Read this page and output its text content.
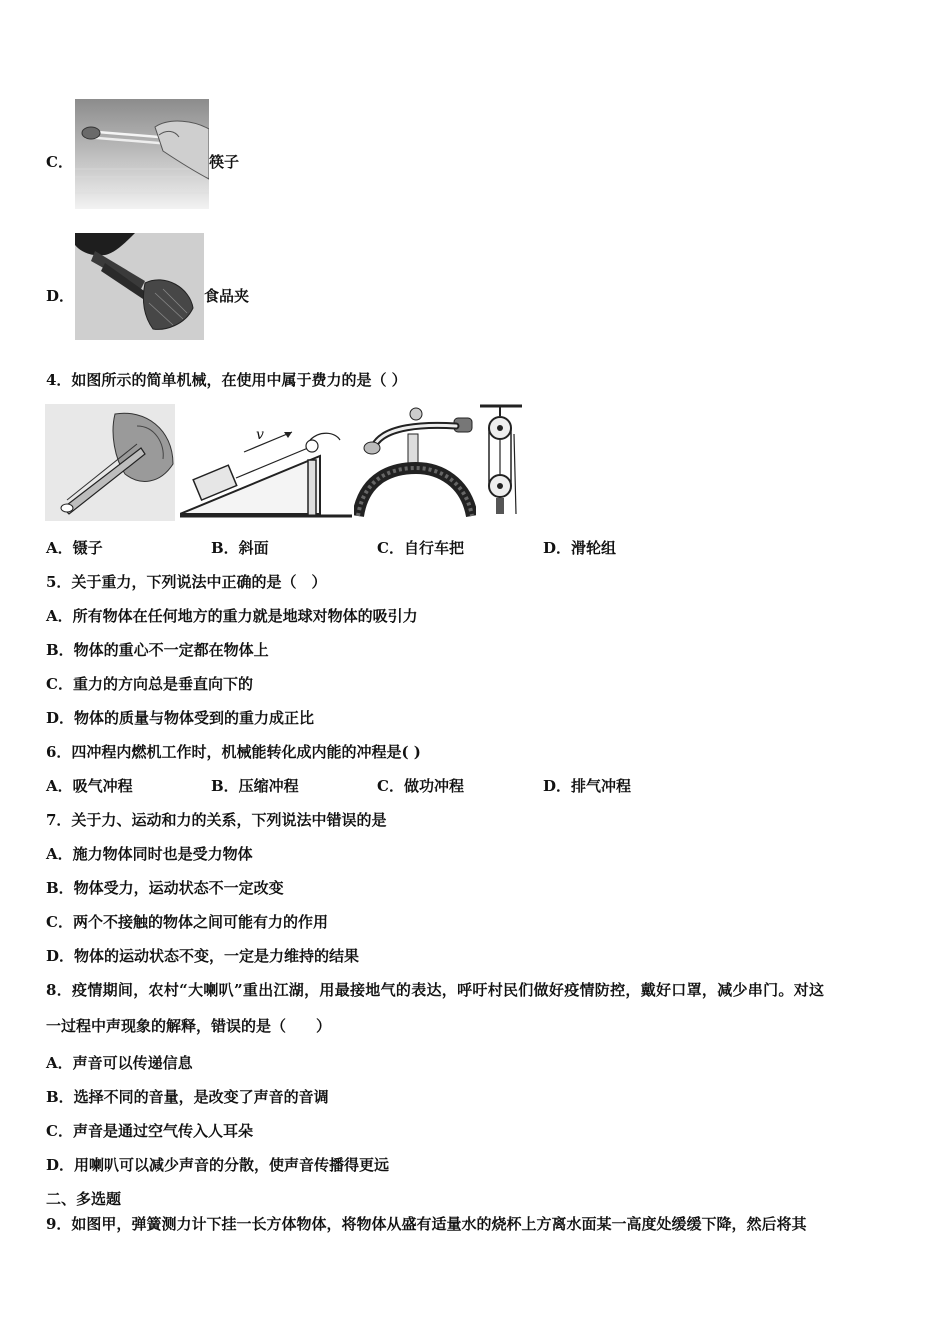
C．	筷子
D．	食品夹
4．如图所示的简单机械，在使用中属于费力的是（ ）
v
A．镊子	B．斜面	C．自行车把	D．滑轮组
5．关于重力，下列说法中正确的是（　）
A．所有物体在任何地方的重力就是地球对物体的吸引力
B．物体的重心不一定都在物体上
C．重力的方向总是垂直向下的
D．物体的质量与物体受到的重力成正比
6．四冲程内燃机工作时，机械能转化成内能的冲程是( )
A．吸气冲程	B．压缩冲程	C．做功冲程	D．排气冲程
7．关于力、运动和力的关系，下列说法中错误的是
A．施力物体同时也是受力物体
B．物体受力，运动状态不一定改变
C．两个不接触的物体之间可能有力的作用
D．物体的运动状态不变，一定是力维持的结果
8．疫情期间，农村“大喇叭”重出江湖，用最接地气的表达，呼吁村民们做好疫情防控，戴好口罩，减少串门。对这
一过程中声现象的解释，错误的是（　　）
A．声音可以传递信息
B．选择不同的音量，是改变了声音的音调
C．声音是通过空气传入人耳朵
D．用喇叭可以减少声音的分散，使声音传播得更远
二、多选题
9．如图甲，弹簧测力计下挂一长方体物体，将物体从盛有适量水的烧杯上方离水面某一高度处缓缓下降，然后将其
